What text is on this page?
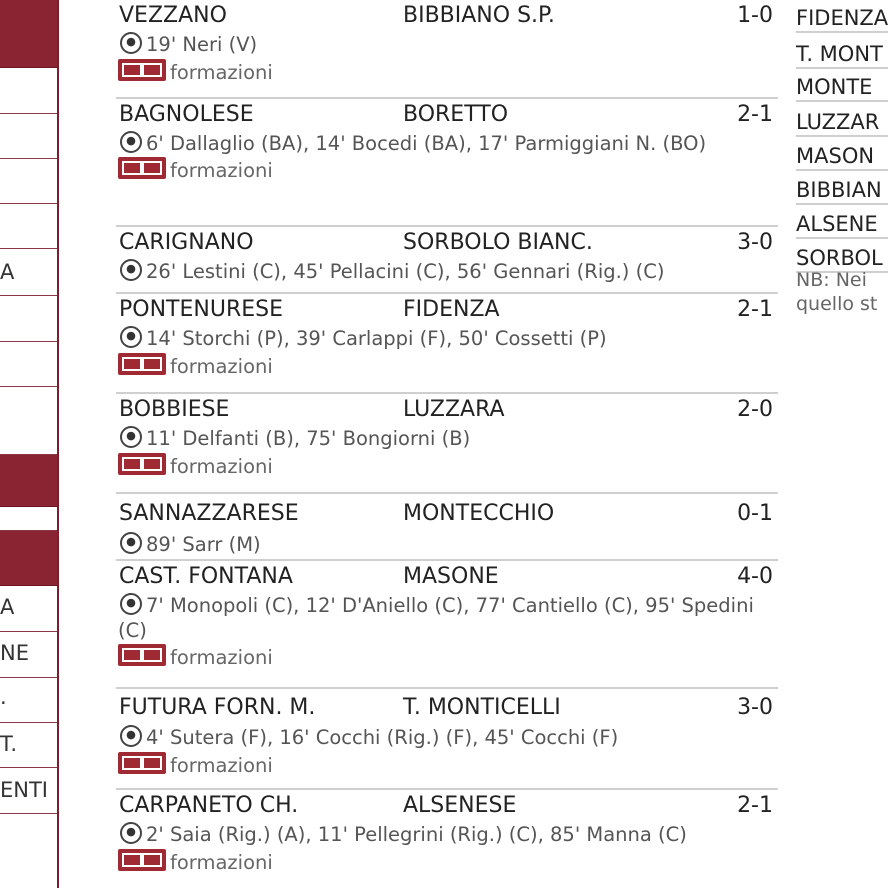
A
A
NE
.
T.
ENTI
VEZZANO	BIBBIANO S.P.	1-0
19' Neri (V)
formazioni
BAGNOLESE	BORETTO	2-1
6' Dallaglio (BA), 14' Bocedi (BA), 17' Parmiggiani N. (BO)
formazioni
CARIGNANO	SORBOLO BIANC.	3-0
26' Lestini (C), 45' Pellacini (C), 56' Gennari (Rig.) (C)
PONTENURESE	FIDENZA	2-1
14' Storchi (P), 39' Carlappi (F), 50' Cossetti (P)
formazioni
BOBBIESE	LUZZARA	2-0
11' Delfanti (B), 75' Bongiorni (B)
formazioni
SANNAZZARESE	MONTECCHIO	0-1
89' Sarr (M)
CAST. FONTANA	MASONE	4-0
7' Monopoli (C), 12' D'Aniello (C), 77' Cantiello (C), 95' Spedini (C)
formazioni
FUTURA FORN. M.	T. MONTICELLI	3-0
4' Sutera (F), 16' Cocchi (Rig.) (F), 45' Cocchi (F)
formazioni
CARPANETO CH.	ALSENESE	2-1
2' Saia (Rig.) (A), 11' Pellegrini (Rig.) (C), 85' Manna (C)
formazioni
FIDENZA
T. MONT
MONTE
LUZZAR
MASON
BIBBIAN
ALSENE
SORBOL
NB: Nei
quello st
